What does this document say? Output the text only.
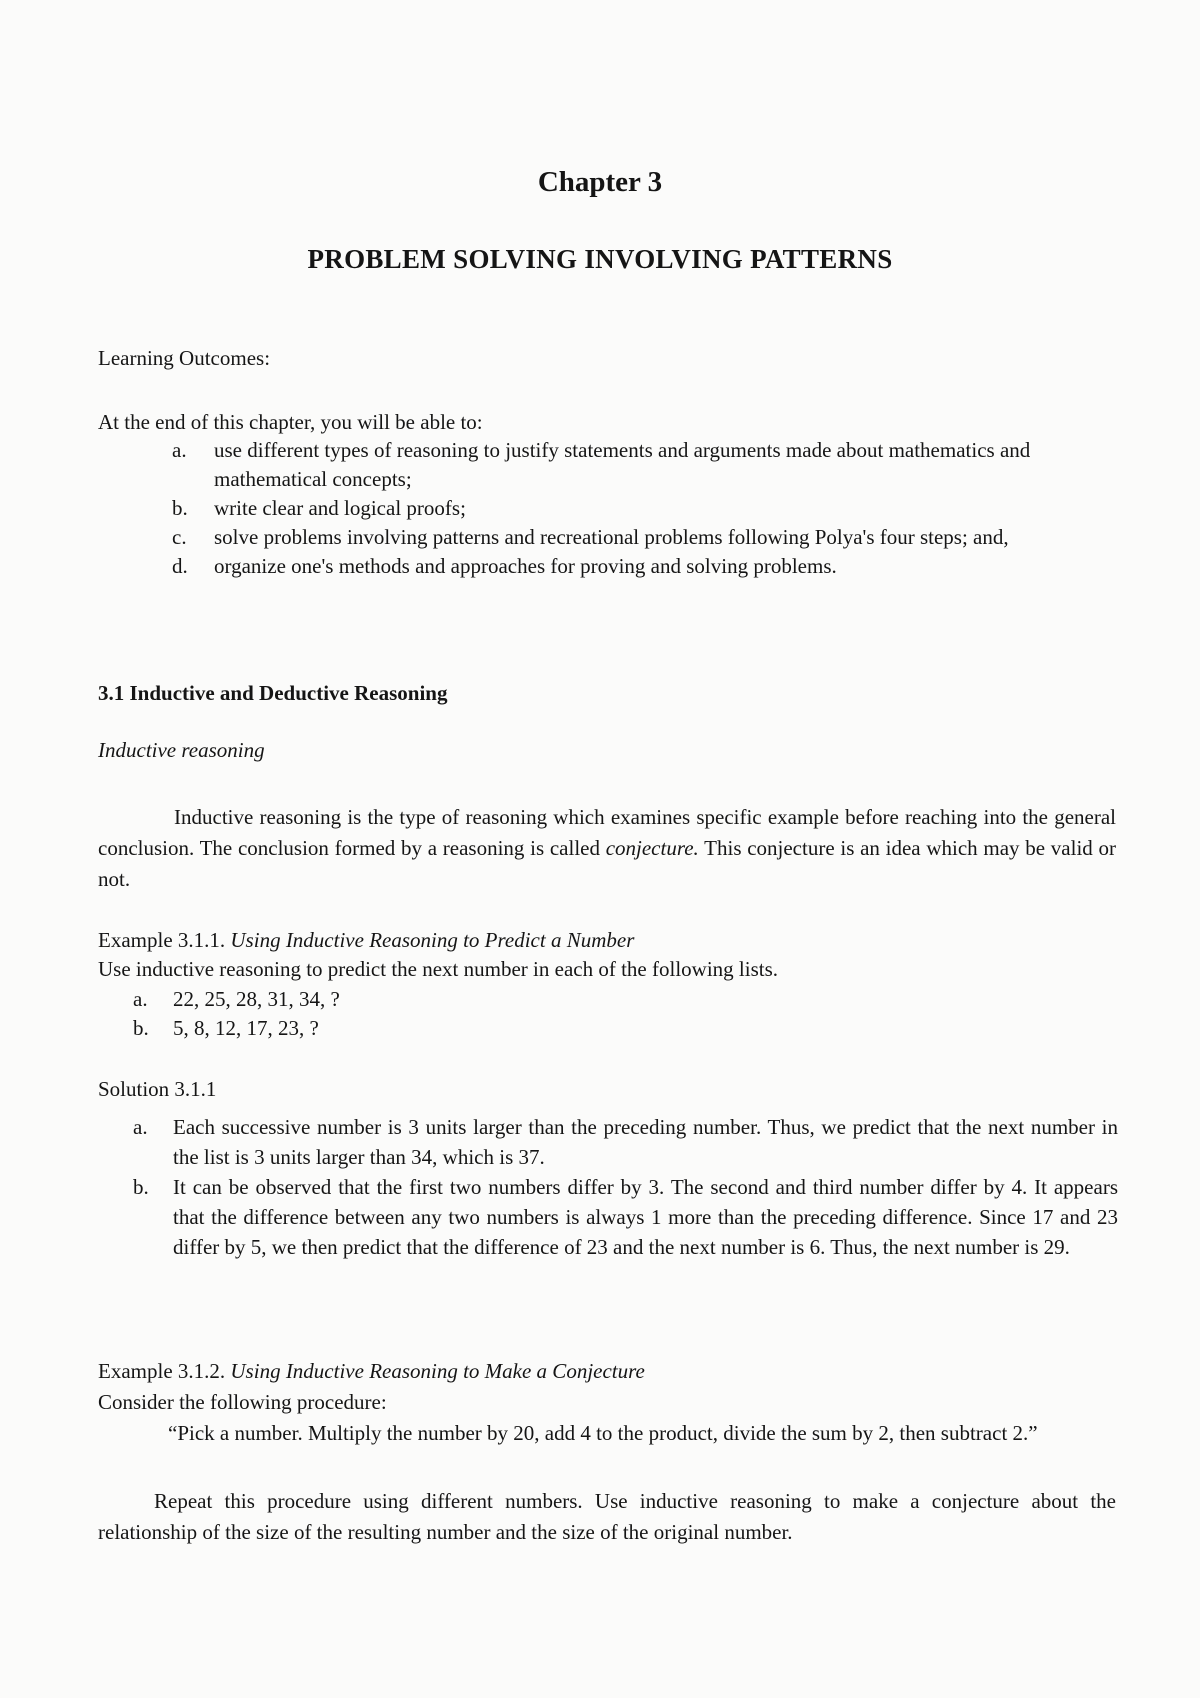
Chapter 3
PROBLEM SOLVING INVOLVING PATTERNS
Learning Outcomes:
At the end of this chapter, you will be able to:
a. use different types of reasoning to justify statements and arguments made about mathematics and mathematical concepts;
b. write clear and logical proofs;
c. solve problems involving patterns and recreational problems following Polya's four steps; and,
d. organize one's methods and approaches for proving and solving problems.
3.1 Inductive and Deductive Reasoning
Inductive reasoning
Inductive reasoning is the type of reasoning which examines specific example before reaching into the general conclusion. The conclusion formed by a reasoning is called conjecture. This conjecture is an idea which may be valid or not.
Example 3.1.1. Using Inductive Reasoning to Predict a Number
Use inductive reasoning to predict the next number in each of the following lists.
a. 22, 25, 28, 31, 34, ?
b. 5, 8, 12, 17, 23, ?
Solution 3.1.1
a. Each successive number is 3 units larger than the preceding number. Thus, we predict that the next number in the list is 3 units larger than 34, which is 37.
b. It can be observed that the first two numbers differ by 3. The second and third number differ by 4. It appears that the difference between any two numbers is always 1 more than the preceding difference. Since 17 and 23 differ by 5, we then predict that the difference of 23 and the next number is 6. Thus, the next number is 29.
Example 3.1.2. Using Inductive Reasoning to Make a Conjecture
Consider the following procedure:
“Pick a number. Multiply the number by 20, add 4 to the product, divide the sum by 2, then subtract 2.”
Repeat this procedure using different numbers. Use inductive reasoning to make a conjecture about the relationship of the size of the resulting number and the size of the original number.
